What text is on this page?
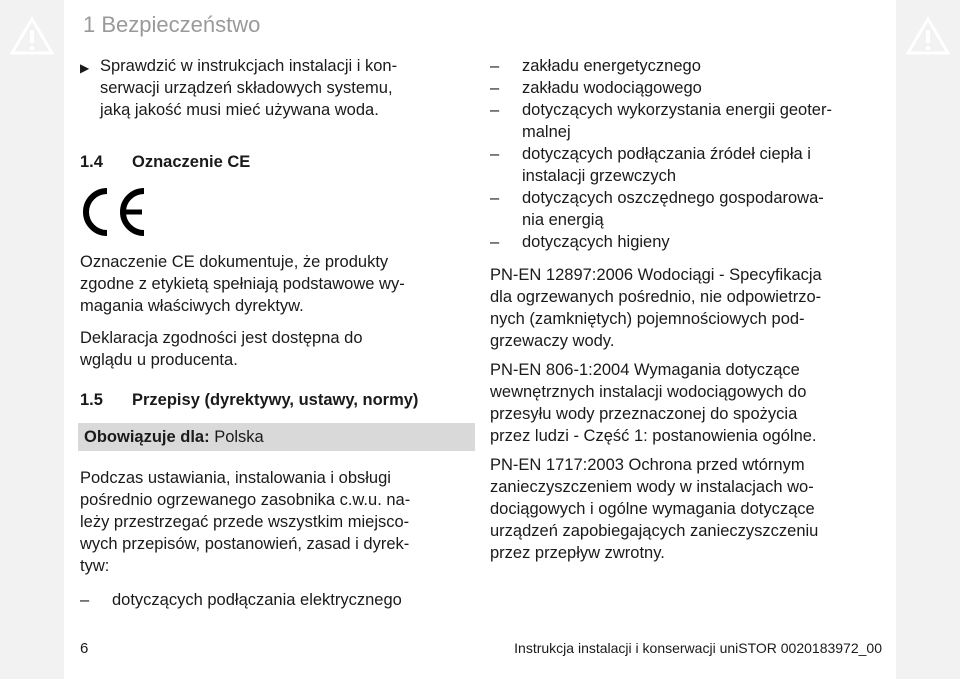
1 Bezpieczeństwo
▶ Sprawdzić w instrukcjach instalacji i kon-

serwacji urządzeń składowych systemu,

jaką jakość musi mieć używana woda.

1.4 Oznaczenie CE

Oznaczenie CE dokumentuje, że produkty

zgodne z etykietą spełniają podstawowe wy-

magania właściwych dyrektyw.

Deklaracja zgodności jest dostępna do

wglądu u producenta.

1.5 Przepisy (dyrektywy, ustawy, normy)
Obowiązuje dla: Polska

Podczas ustawiania, instalowania i obsługi

pośrednio ogrzewanego zasobnika c.w.u. na-

leży przestrzegać przede wszystkim miejsco-

wych przepisów, postanowień, zasad i dyrek-

tyw:

– dotyczących podłączania elektrycznego

– zakładu energetycznego

– zakładu wodociągowego

– dotyczących wykorzystania energii geoter-

malnej

– dotyczących podłączania źródeł ciepła i

instalacji grzewczych

– dotyczących oszczędnego gospodarowa-

nia energią

– dotyczących higieny

PN-EN 12897:2006 Wodociągi - Specyfikacja

dla ogrzewanych pośrednio, nie odpowietrzo-

nych (zamkniętych) pojemnościowych pod-

grzewaczy wody.

PN-EN 806-1:2004 Wymagania dotyczące

wewnętrznych instalacji wodociągowych do

przesyłu wody przeznaczonej do spożycia

przez ludzi - Część 1: postanowienia ogólne.

PN-EN 1717:2003 Ochrona przed wtórnym

zanieczyszczeniem wody w instalacjach wo-

dociągowych i ogólne wymagania dotyczące

urządzeń zapobiegających zanieczyszczeniu

przez przepływ zwrotny.

6	Instrukcja instalacji i konserwacji uniSTOR 0020183972_00
